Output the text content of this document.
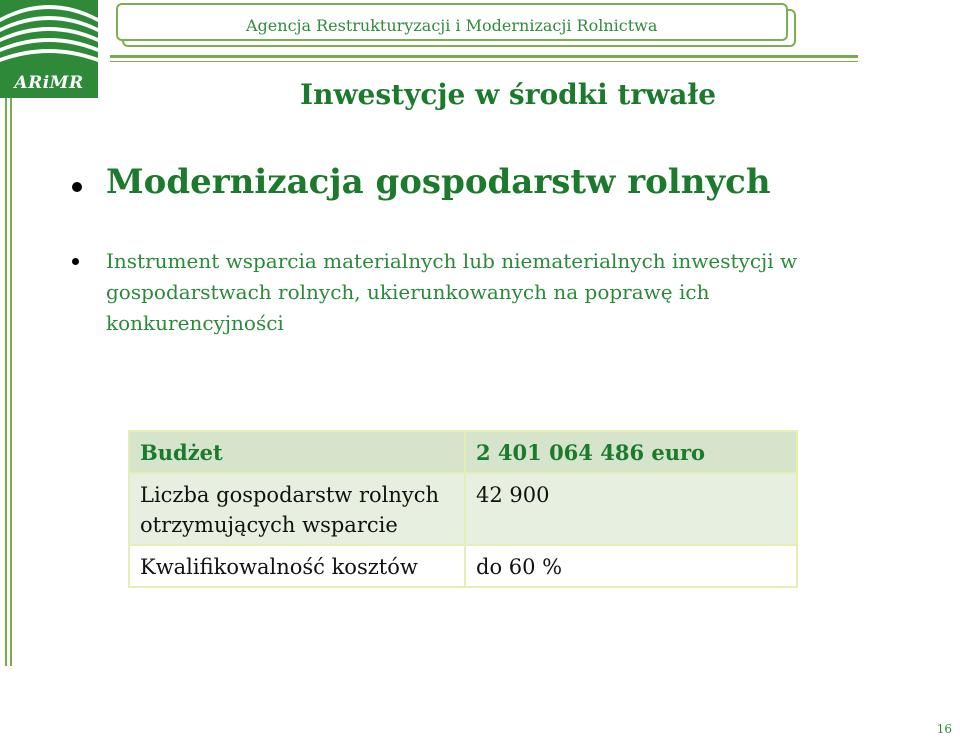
ARiMR
Agencja Restrukturyzacji i Modernizacji Rolnictwa
Inwestycje w środki trwałe
Modernizacja gospodarstw rolnych
Instrument wsparcia materialnych lub niematerialnych inwestycji w gospodarstwach rolnych, ukierunkowanych na poprawę ich konkurencyjności
Budżet	2 401 064 486 euro
Liczba gospodarstw rolnych otrzymujących wsparcie	42 900
Kwalifikowalność kosztów	do 60 %
16
